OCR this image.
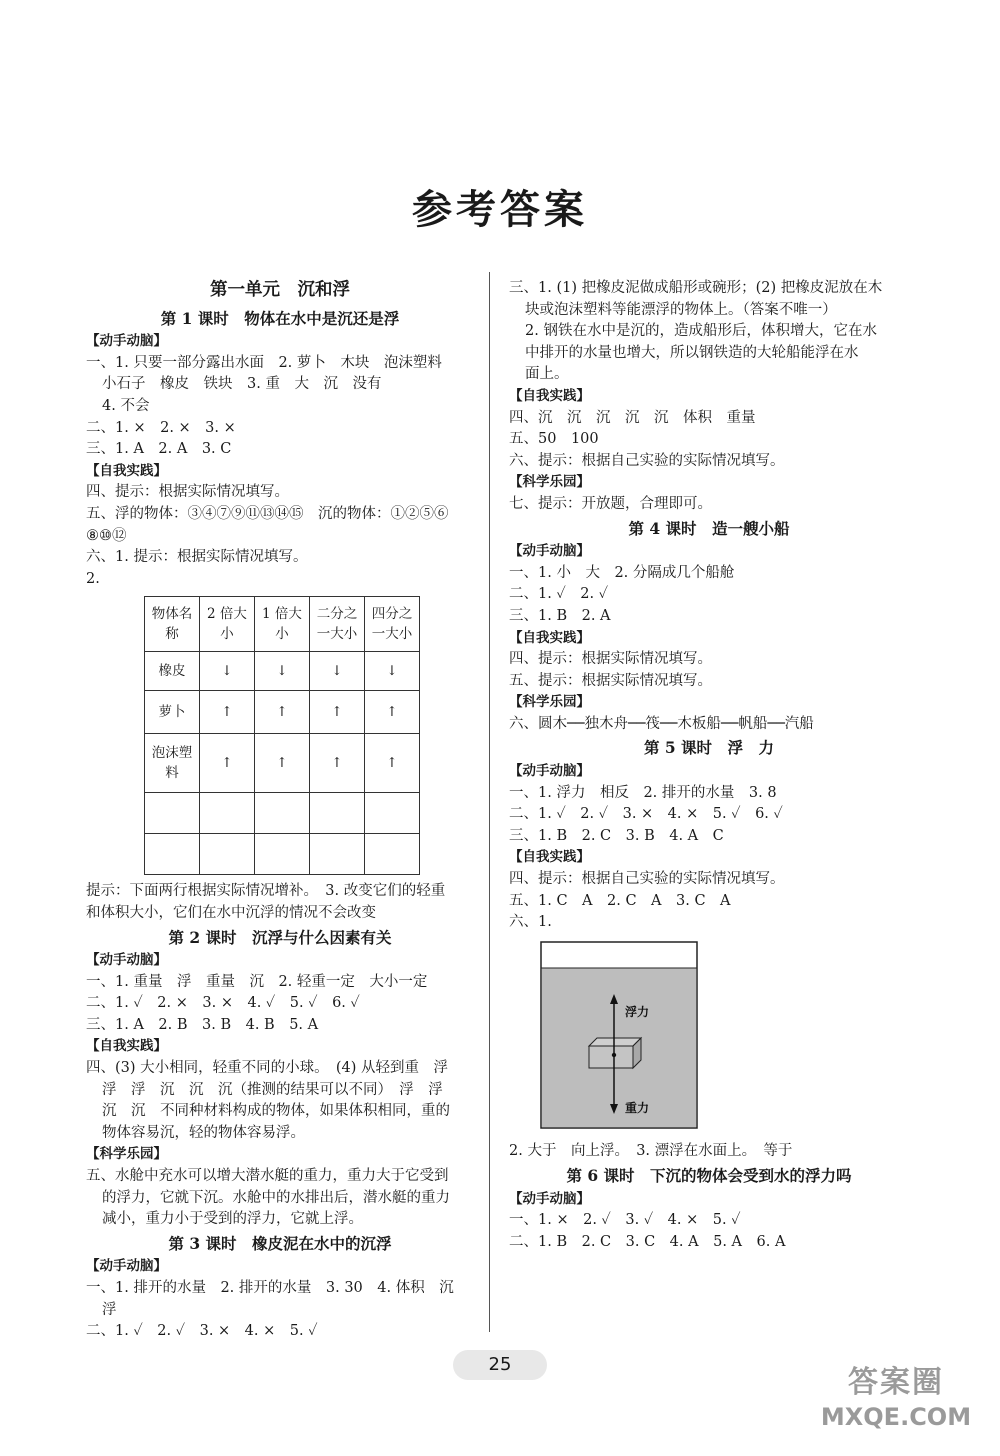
参考答案
第一单元　沉和浮
第 1 课时　物体在水中是沉还是浮
【动手动脑】
一、1. 只要一部分露出水面　2. 萝卜　木块　泡沫塑料
小石子　橡皮　铁块　3. 重　大　沉　没有
4. 不会
二、1. ×　2. ×　3. ×
三、1. A　2. A　3. C
【自我实践】
四、提示：根据实际情况填写。
五、浮的物体：③④⑦⑨⑪⑬⑭⑮　沉的物体：①②⑤⑥
⑧⑩⑫
六、1. 提示：根据实际情况填写。
2.
物体名称	2 倍大小	1 倍大小	二分之一大小	四分之一大小
橡皮	↓	↓	↓	↓
萝卜	↑	↑	↑	↑
泡沫塑料	↑	↑	↑	↑

提示：下面两行根据实际情况增补。　3. 改变它们的轻重
和体积大小，它们在水中沉浮的情况不会改变
第 2 课时　沉浮与什么因素有关
【动手动脑】
一、1. 重量　浮　重量　沉　2. 轻重一定　大小一定
二、1. ✓　2. ×　3. ×　4. ✓　5. ✓　6. ✓
三、1. A　2. B　3. B　4. B　5. A
【自我实践】
四、(3) 大小相同，轻重不同的小球。　(4) 从轻到重　浮
浮　浮　沉　沉　沉（推测的结果可以不同）　浮　浮
沉　沉　不同种材料构成的物体，如果体积相同，重的
物体容易沉，轻的物体容易浮。
【科学乐园】
五、水舱中充水可以增大潜水艇的重力，重力大于它受到
的浮力，它就下沉。水舱中的水排出后，潜水艇的重力
减小，重力小于受到的浮力，它就上浮。
第 3 课时　橡皮泥在水中的沉浮
【动手动脑】
一、1. 排开的水量　2. 排开的水量　3. 30　4. 体积　沉
浮
二、1. ✓　2. ✓　3. ×　4. ×　5. ✓
三、1. (1) 把橡皮泥做成船形或碗形；(2) 把橡皮泥放在木
块或泡沫塑料等能漂浮的物体上。（答案不唯一）
2. 钢铁在水中是沉的，造成船形后，体积增大，它在水
中排开的水量也增大，所以钢铁造的大轮船能浮在水
面上。
【自我实践】
四、沉　沉　沉　沉　沉　体积　重量
五、50　100
六、提示：根据自己实验的实际情况填写。
【科学乐园】
七、提示：开放题，合理即可。
第 4 课时　造一艘小船
【动手动脑】
一、1. 小　大　2. 分隔成几个船舱
二、1. ✓　2. ✓
三、1. B　2. A
【自我实践】
四、提示：根据实际情况填写。
五、提示：根据实际情况填写。
【科学乐园】
六、圆木──独木舟──筏──木板船──帆船──汽船
第 5 课时　浮　力
【动手动脑】
一、1. 浮力　相反　2. 排开的水量　3. 8
二、1. ✓　2. ✓　3. ×　4. ×　5. ✓　6. ✓
三、1. B　2. C　3. B　4. A　C
【自我实践】
四、提示：根据自己实验的实际情况填写。
五、1. C　A　2. C　A　3. C　A
六、1.
浮力
重力
2. 大于　向上浮。　3. 漂浮在水面上。　等于
第 6 课时　下沉的物体会受到水的浮力吗
【动手动脑】
一、1. ×　2. ✓　3. ✓　4. ×　5. ✓
二、1. B　2. C　3. C　4. A　5. A　6. A
25
答案圈
MXQE.COM
